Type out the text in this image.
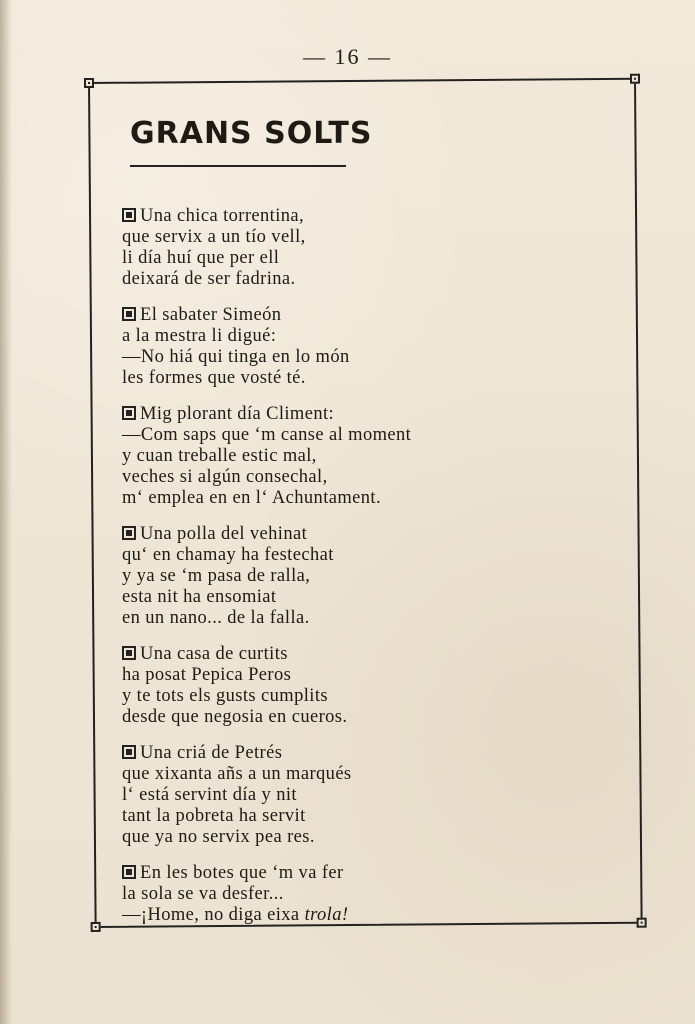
— 16 —
GRANS SOLTS
Una chica torrentina,
que servix a un tío vell,
li día huí que per ell
deixará de ser fadrina.
El sabater Simeón
a la mestra li digué:
—No hiá qui tinga en lo món
les formes que vosté té.
Mig plorant día Climent:
—Com saps que ‘m canse al moment
y cuan treballe estic mal,
veches si algún consechal,
m‘ emplea en en l‘ Achuntament.
Una polla del vehinat
qu‘ en chamay ha festechat
y ya se ‘m pasa de ralla,
esta nit ha ensomiat
en un nano... de la falla.
Una casa de curtits
ha posat Pepica Peros
y te tots els gusts cumplits
desde que negosia en cueros.
Una criá de Petrés
que xixanta añs a un marqués
l‘ está servint día y nit
tant la pobreta ha servit
que ya no servix pea res.
En les botes que ‘m va fer
la sola se va desfer...
—¡Home, no diga eixa trola!
